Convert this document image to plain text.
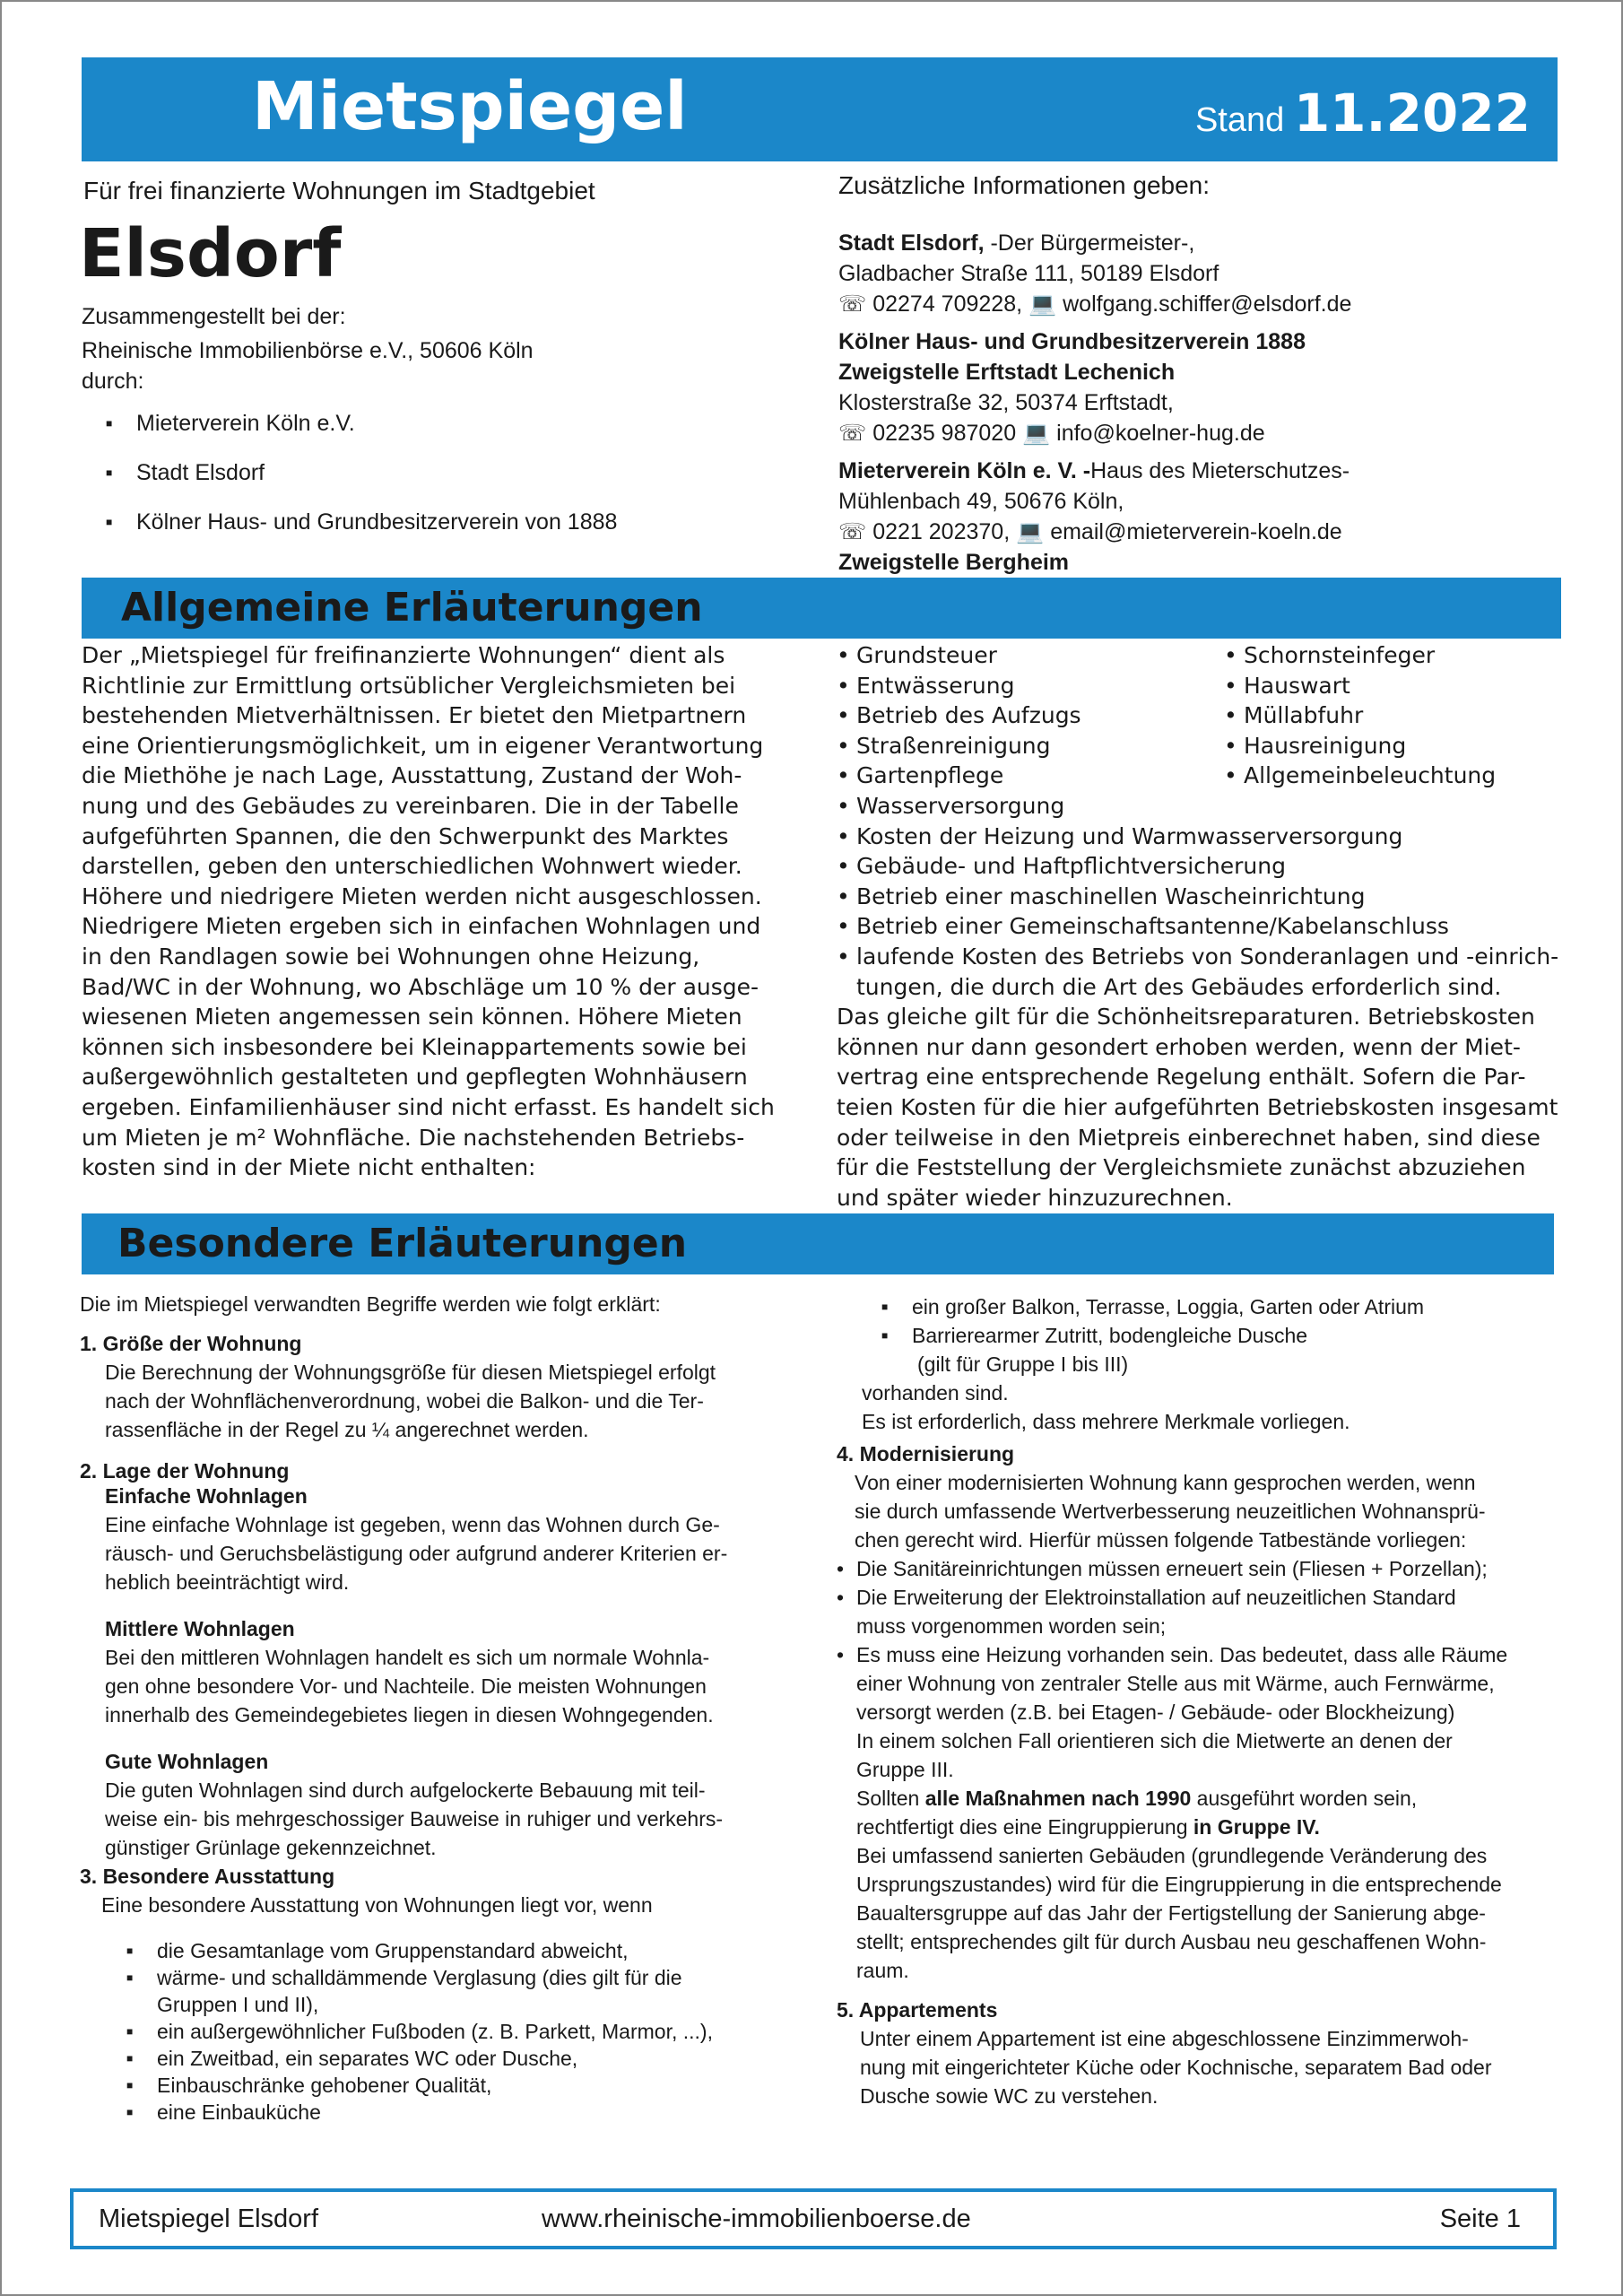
Mietspiegel	Stand 11.2022
Für frei finanzierte Wohnungen im Stadtgebiet
Elsdorf

Zusammengestellt bei der:

Rheinische Immobilienbörse e.V., 50606 Köln

durch:

■ Mieterverein Köln e.V.
■ Stadt Elsdorf
■ Kölner Haus- und Grundbesitzerverein von 1888

Zusätzliche Informationen geben:

Stadt Elsdorf, -Der Bürgermeister-,

Gladbacher Straße 111, 50189 Elsdorf

☏ 02274 709228, 💻 wolfgang.schiffer@elsdorf.de

Kölner Haus- und Grundbesitzerverein 1888

Zweigstelle Erftstadt Lechenich

Klosterstraße 32, 50374 Erftstadt,

☏ 02235 987020 💻 info@koelner-hug.de

Mieterverein Köln e. V. -Haus des Mieterschutzes-

Mühlenbach 49, 50676 Köln,

☏ 0221 202370, 💻 email@mieterverein-koeln.de

Zweigstelle Bergheim

Allgemeine Erläuterungen

Der „Mietspiegel für freifinanzierte Wohnungen“ dient als

Richtlinie zur Ermittlung ortsüblicher Vergleichsmieten bei

bestehenden Mietverhältnissen. Er bietet den Mietpartnern

eine Orientierungsmöglichkeit, um in eigener Verantwortung

die Miethöhe je nach Lage, Ausstattung, Zustand der Woh-

nung und des Gebäudes zu vereinbaren. Die in der Tabelle

aufgeführten Spannen, die den Schwerpunkt des Marktes

darstellen, geben den unterschiedlichen Wohnwert wieder.

Höhere und niedrigere Mieten werden nicht ausgeschlossen.

Niedrigere Mieten ergeben sich in einfachen Wohnlagen und

in den Randlagen sowie bei Wohnungen ohne Heizung,

Bad/WC in der Wohnung, wo Abschläge um 10 % der ausge-

wiesenen Mieten angemessen sein können. Höhere Mieten

können sich insbesondere bei Kleinappartements sowie bei

außergewöhnlich gestalteten und gepflegten Wohnhäusern

ergeben. Einfamilienhäuser sind nicht erfasst. Es handelt sich

um Mieten je m² Wohnfläche. Die nachstehenden Betriebs-

kosten sind in der Miete nicht enthalten:

• Grundsteuer
• Entwässerung
• Betrieb des Aufzugs
• Straßenreinigung
• Gartenpflege
• Schornsteinfeger
• Hauswart
• Müllabfuhr
• Hausreinigung
• Allgemeinbeleuchtung
• Wasserversorgung
• Kosten der Heizung und Warmwasserversorgung
• Gebäude- und Haftpflichtversicherung
• Betrieb einer maschinellen Wascheinrichtung
• Betrieb einer Gemeinschaftsantenne/Kabelanschluss
• laufende Kosten des Betriebs von Sonderanlagen und -einrich-

tungen, die durch die Art des Gebäudes erforderlich sind.

Das gleiche gilt für die Schönheitsreparaturen. Betriebskosten

können nur dann gesondert erhoben werden, wenn der Miet-

vertrag eine entsprechende Regelung enthält. Sofern die Par-

teien Kosten für die hier aufgeführten Betriebskosten insgesamt

oder teilweise in den Mietpreis einberechnet haben, sind diese

für die Feststellung der Vergleichsmiete zunächst abzuziehen

und später wieder hinzuzurechnen.

Besondere Erläuterungen

Die im Mietspiegel verwandten Begriffe werden wie folgt erklärt:

1. Größe der Wohnung

Die Berechnung der Wohnungsgröße für diesen Mietspiegel erfolgt

nach der Wohnflächenverordnung, wobei die Balkon- und die Ter-

rassenfläche in der Regel zu ¼ angerechnet werden.

2. Lage der Wohnung

Einfache Wohnlagen

Eine einfache Wohnlage ist gegeben, wenn das Wohnen durch Ge-

räusch- und Geruchsbelästigung oder aufgrund anderer Kriterien er-

heblich beeinträchtigt wird.

Mittlere Wohnlagen

Bei den mittleren Wohnlagen handelt es sich um normale Wohnla-

gen ohne besondere Vor- und Nachteile. Die meisten Wohnungen

innerhalb des Gemeindegebietes liegen in diesen Wohngegenden.

Gute Wohnlagen

Die guten Wohnlagen sind durch aufgelockerte Bebauung mit teil-

weise ein- bis mehrgeschossiger Bauweise in ruhiger und verkehrs-

günstiger Grünlage gekennzeichnet.

3. Besondere Ausstattung

Eine besondere Ausstattung von Wohnungen liegt vor, wenn

■ die Gesamtanlage vom Gruppenstandard abweicht,
■ wärme- und schalldämmende Verglasung (dies gilt für die
Gruppen I und II),
■ ein außergewöhnlicher Fußboden (z. B. Parkett, Marmor, ...),
■ ein Zweitbad, ein separates WC oder Dusche,
■ Einbauschränke gehobener Qualität,
■ eine Einbauküche
■ ein großer Balkon, Terrasse, Loggia, Garten oder Atrium
■ Barrierearmer Zutritt, bodengleiche Dusche

(gilt für Gruppe I bis III)

vorhanden sind.

Es ist erforderlich, dass mehrere Merkmale vorliegen.

4. Modernisierung

Von einer modernisierten Wohnung kann gesprochen werden, wenn

sie durch umfassende Wertverbesserung neuzeitlichen Wohnansprü-

chen gerecht wird. Hierfür müssen folgende Tatbestände vorliegen:

• Die Sanitäreinrichtungen müssen erneuert sein (Fliesen + Porzellan);
• Die Erweiterung der Elektroinstallation auf neuzeitlichen Standard
muss vorgenommen worden sein;

• Es muss eine Heizung vorhanden sein. Das bedeutet, dass alle Räume

einer Wohnung von zentraler Stelle aus mit Wärme, auch Fernwärme,

versorgt werden (z.B. bei Etagen- / Gebäude- oder Blockheizung)

In einem solchen Fall orientieren sich die Mietwerte an denen der

Gruppe III.

Sollten alle Maßnahmen nach 1990 ausgeführt worden sein,

rechtfertigt dies eine Eingruppierung in Gruppe IV.

Bei umfassend sanierten Gebäuden (grundlegende Veränderung des

Ursprungszustandes) wird für die Eingruppierung in die entsprechende

Baualtersgruppe auf das Jahr der Fertigstellung der Sanierung abge-

stellt; entsprechendes gilt für durch Ausbau neu geschaffenen Wohn-

raum.

5. Appartements

Unter einem Appartement ist eine abgeschlossene Einzimmerwoh-

nung mit eingerichteter Küche oder Kochnische, separatem Bad oder

Dusche sowie WC zu verstehen.

Mietspiegel Elsdorf	www.rheinische-immobilienboerse.de	Seite 1
